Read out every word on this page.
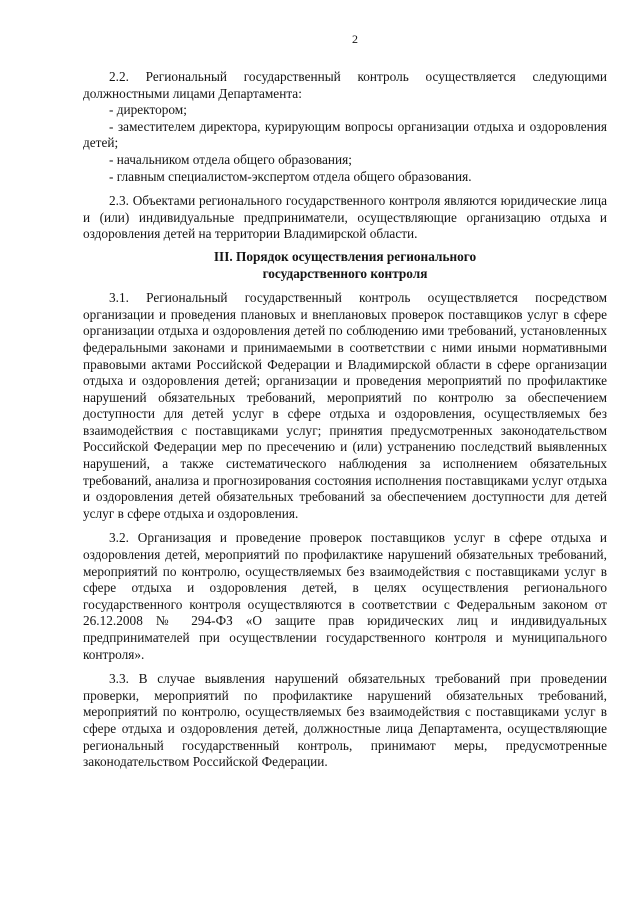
2

2.2. Региональный государственный контроль осуществляется следующими должностными лицами Департамента:

- директором;

- заместителем директора, курирующим вопросы организации отдыха и оздоровления детей;

- начальником отдела общего образования;

- главным специалистом-экспертом отдела общего образования.

2.3. Объектами регионального государственного контроля являются юридические лица и (или) индивидуальные предприниматели, осуществляющие организацию отдыха и оздоровления детей на территории Владимирской области.

III. Порядок осуществления регионального
государственного контроля

3.1. Региональный государственный контроль осуществляется посредством организации и проведения плановых и внеплановых проверок поставщиков услуг в сфере организации отдыха и оздоровления детей по соблюдению ими требований, установленных федеральными законами и принимаемыми в соответствии с ними иными нормативными правовыми актами Российской Федерации и Владимирской области в сфере организации отдыха и оздоровления детей; организации и проведения мероприятий по профилактике нарушений обязательных требований, мероприятий по контролю за обеспечением доступности для детей услуг в сфере отдыха и оздоровления, осуществляемых без взаимодействия с поставщиками услуг; принятия предусмотренных законодательством Российской Федерации мер по пресечению и (или) устранению последствий выявленных нарушений, а также систематического наблюдения за исполнением обязательных требований, анализа и прогнозирования состояния исполнения поставщиками услуг отдыха и оздоровления детей обязательных требований за обеспечением доступности для детей услуг в сфере отдыха и оздоровления.

3.2. Организация и проведение проверок поставщиков услуг в сфере отдыха и оздоровления детей, мероприятий по профилактике нарушений обязательных требований, мероприятий по контролю, осуществляемых без взаимодействия с поставщиками услуг в сфере отдыха и оздоровления детей, в целях осуществления регионального государственного контроля осуществляются в соответствии с Федеральным законом от 26.12.2008 № 294-ФЗ «О защите прав юридических лиц и индивидуальных предпринимателей при осуществлении государственного контроля и муниципального контроля».

3.3. В случае выявления нарушений обязательных требований при проведении проверки, мероприятий по профилактике нарушений обязательных требований, мероприятий по контролю, осуществляемых без взаимодействия с поставщиками услуг в сфере отдыха и оздоровления детей, должностные лица Департамента, осуществляющие региональный государственный контроль, принимают меры, предусмотренные законодательством Российской Федерации.
